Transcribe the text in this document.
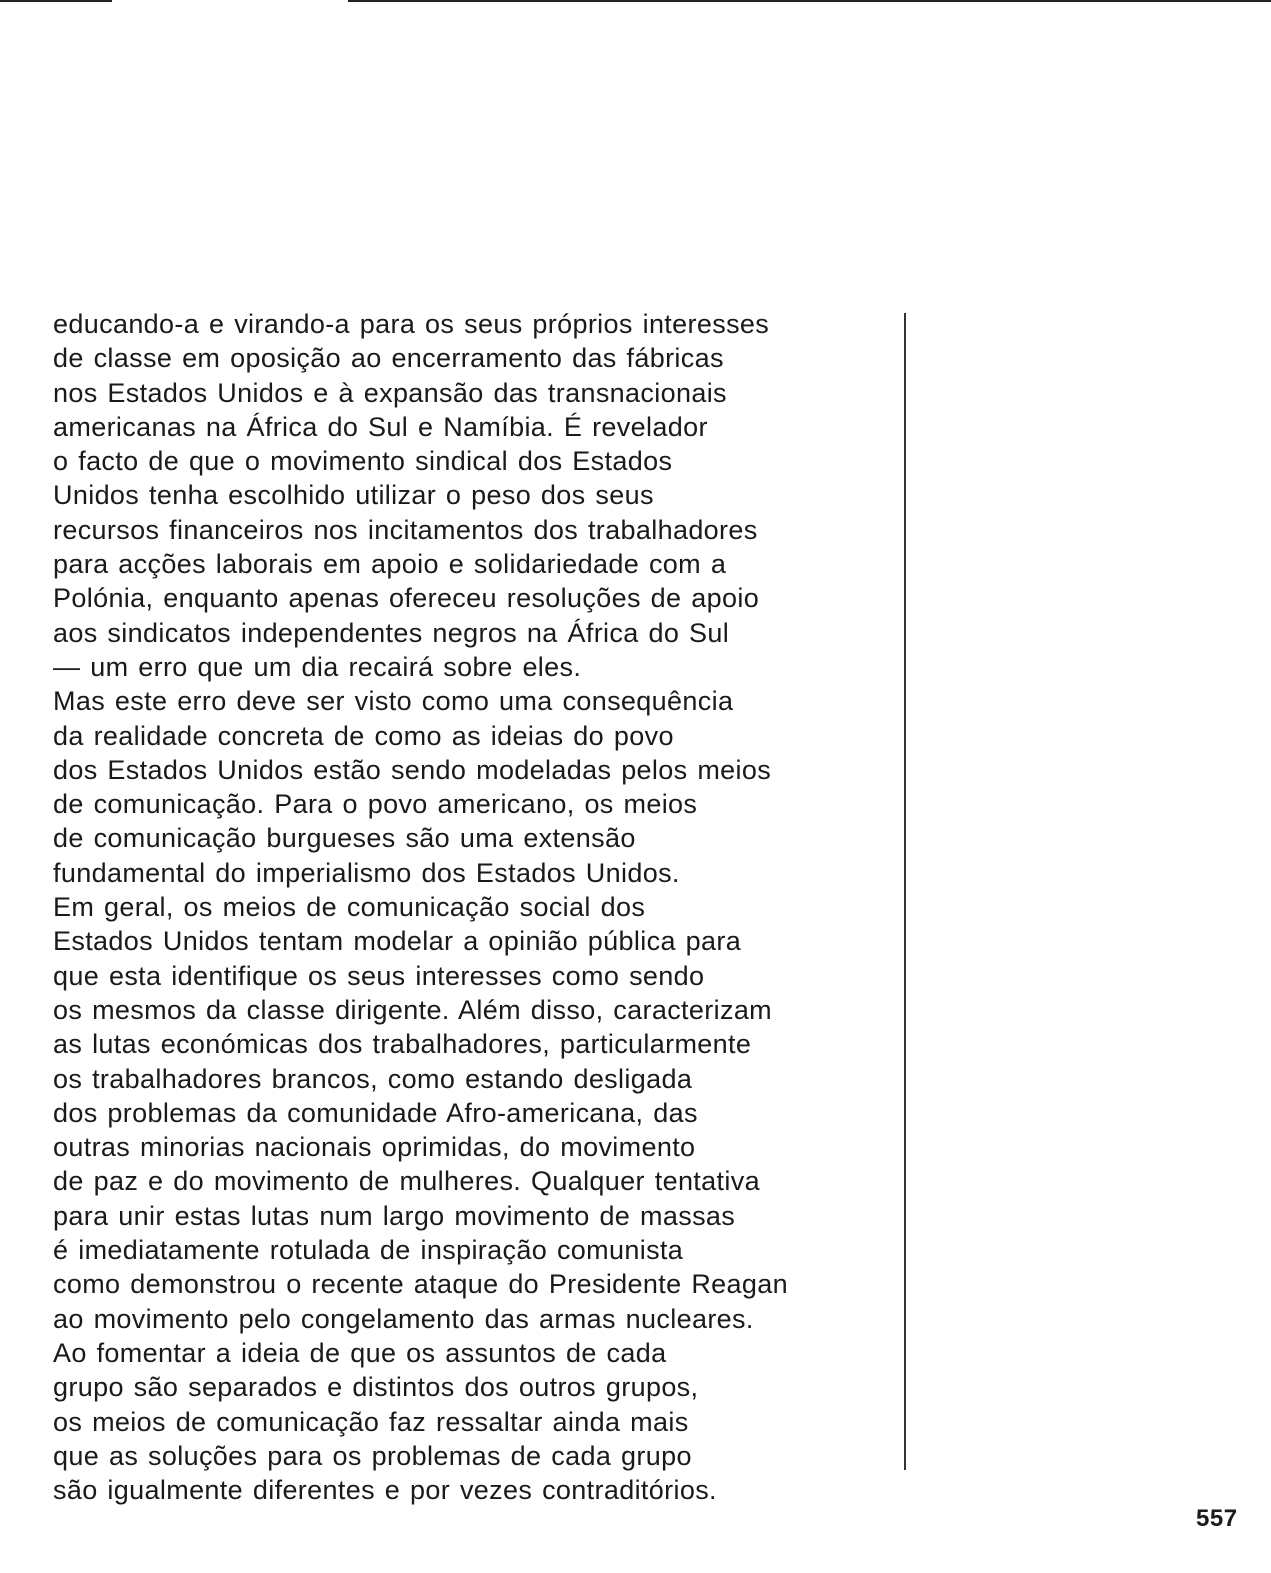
educando-a e virando-a para os seus próprios interesses
de classe em oposição ao encerramento das fábricas
nos Estados Unidos e à expansão das transnacionais
americanas na África do Sul e Namíbia. É revelador
o facto de que o movimento sindical dos Estados
Unidos tenha escolhido utilizar o peso dos seus
recursos financeiros nos incitamentos dos trabalhadores
para acções laborais em apoio e solidariedade com a
Polónia, enquanto apenas ofereceu resoluções de apoio
aos sindicatos independentes negros na África do Sul
— um erro que um dia recairá sobre eles.
Mas este erro deve ser visto como uma consequência
da realidade concreta de como as ideias do povo
dos Estados Unidos estão sendo modeladas pelos meios
de comunicação. Para o povo americano, os meios
de comunicação burgueses são uma extensão
fundamental do imperialismo dos Estados Unidos.
Em geral, os meios de comunicação social dos
Estados Unidos tentam modelar a opinião pública para
que esta identifique os seus interesses como sendo
os mesmos da classe dirigente. Além disso, caracterizam
as lutas económicas dos trabalhadores, particularmente
os trabalhadores brancos, como estando desligada
dos problemas da comunidade Afro-americana, das
outras minorias nacionais oprimidas, do movimento
de paz e do movimento de mulheres. Qualquer tentativa
para unir estas lutas num largo movimento de massas
é imediatamente rotulada de inspiração comunista
como demonstrou o recente ataque do Presidente Reagan
ao movimento pelo congelamento das armas nucleares.
Ao fomentar a ideia de que os assuntos de cada
grupo são separados e distintos dos outros grupos,
os meios de comunicação faz ressaltar ainda mais
que as soluções para os problemas de cada grupo
são igualmente diferentes e por vezes contraditórios.
557
